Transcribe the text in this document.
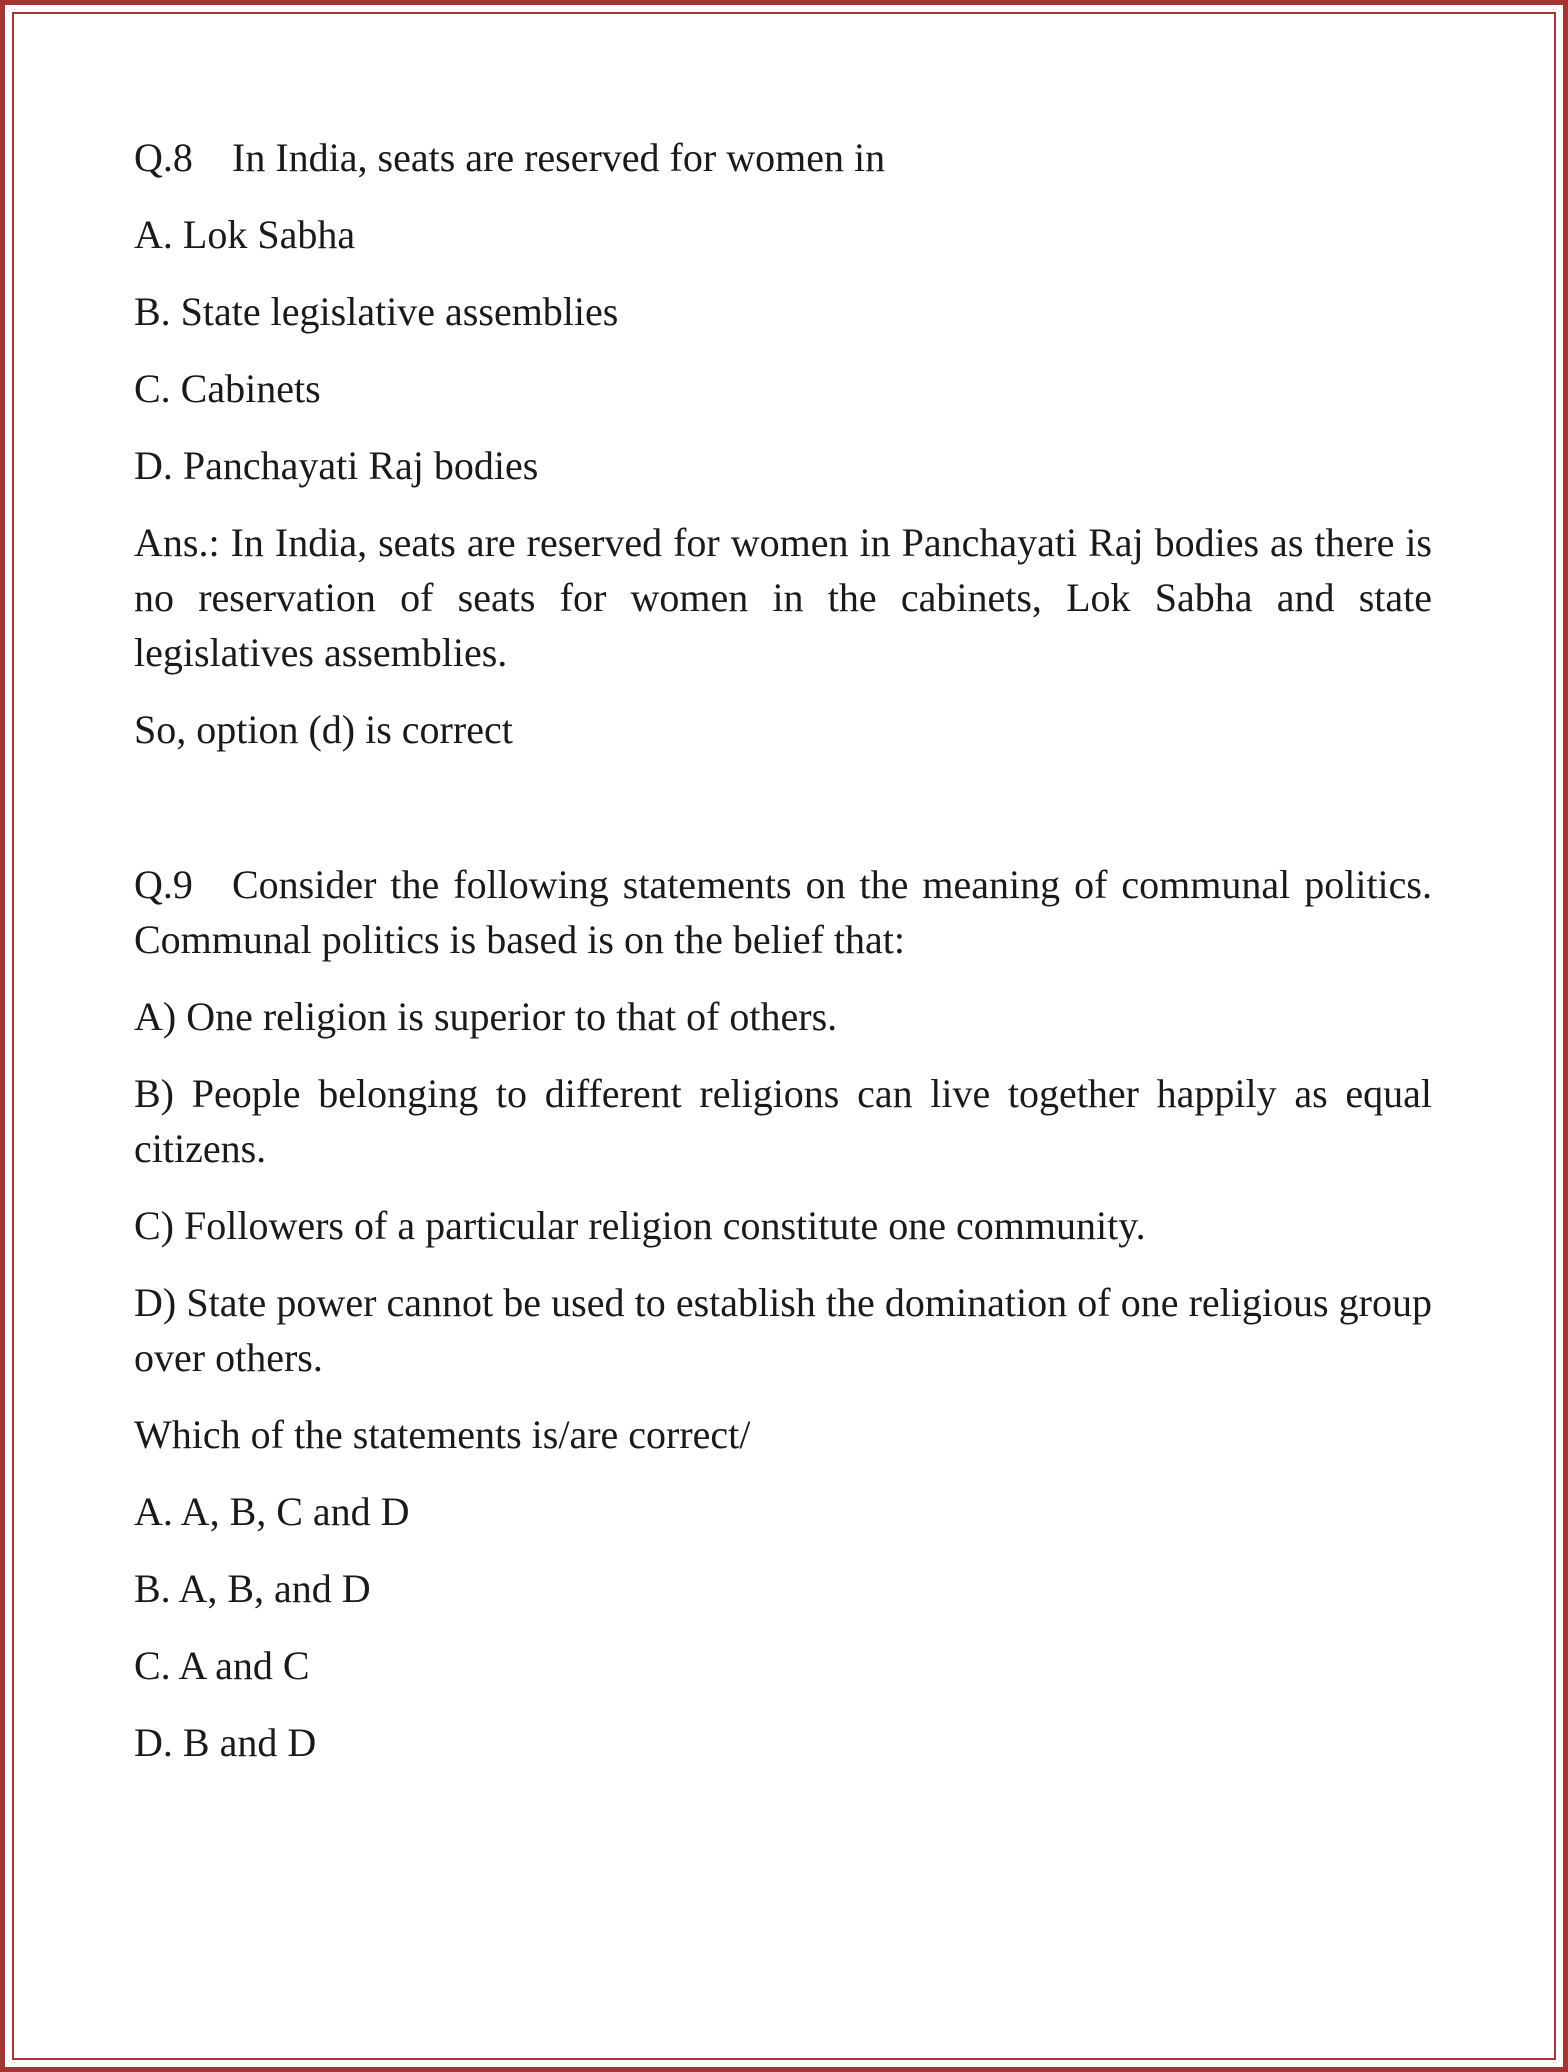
Q.8 In India, seats are reserved for women in
A. Lok Sabha
B. State legislative assemblies
C. Cabinets
D. Panchayati Raj bodies
Ans.: In India, seats are reserved for women in Panchayati Raj bodies as there is no reservation of seats for women in the cabinets, Lok Sabha and state legislatives assemblies.
So, option (d) is correct
Q.9 Consider the following statements on the meaning of communal politics. Communal politics is based is on the belief that:
A) One religion is superior to that of others.
B) People belonging to different religions can live together happily as equal citizens.
C) Followers of a particular religion constitute one community.
D) State power cannot be used to establish the domination of one religious group over others.
Which of the statements is/are correct/
A. A, B, C and D
B. A, B, and D
C. A and C
D. B and D
